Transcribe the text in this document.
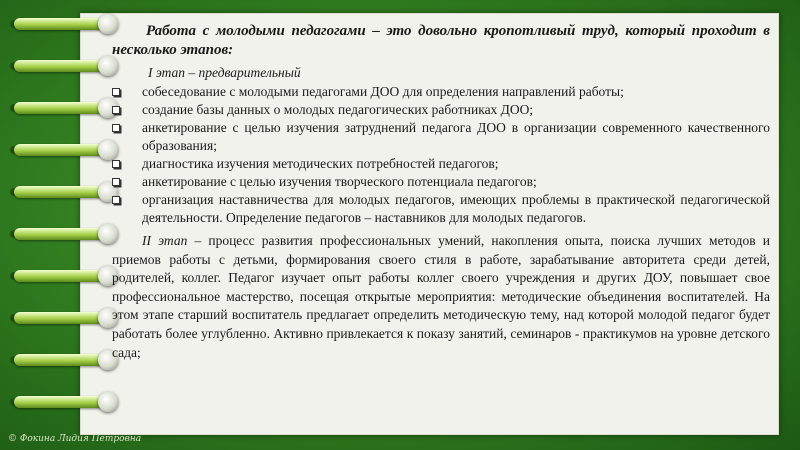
Работа с молодыми педагогами – это довольно кропотливый труд, который проходит в несколько этапов:

I этап – предварительный
собеседование с молодыми педагогами ДОО для определения направлений работы;
создание базы данных о молодых педагогических работниках ДОО;
анкетирование с целью изучения затруднений педагога ДОО в организации современного качественного образования;
диагностика изучения методических потребностей педагогов;
анкетирование с целью изучения творческого потенциала педагогов;
организация наставничества для молодых педагогов, имеющих проблемы в практической педагогической деятельности. Определение педагогов – наставников для молодых педагогов.

II этап – процесс развития профессиональных умений, накопления опыта, поиска лучших методов и приемов работы с детьми, формирования своего стиля в работе, зарабатывание авторитета среди детей, родителей, коллег. Педагог изучает опыт работы коллег своего учреждения и других ДОУ, повышает свое профессиональное мастерство, посещая открытые мероприятия: методические объединения воспитателей. На этом этапе старший воспитатель предлагает определить методическую тему, над которой молодой педагог будет работать более углубленно. Активно привлекается к показу занятий, семинаров - практикумов на уровне детского сада;

© Фокина Лидия Петровна
